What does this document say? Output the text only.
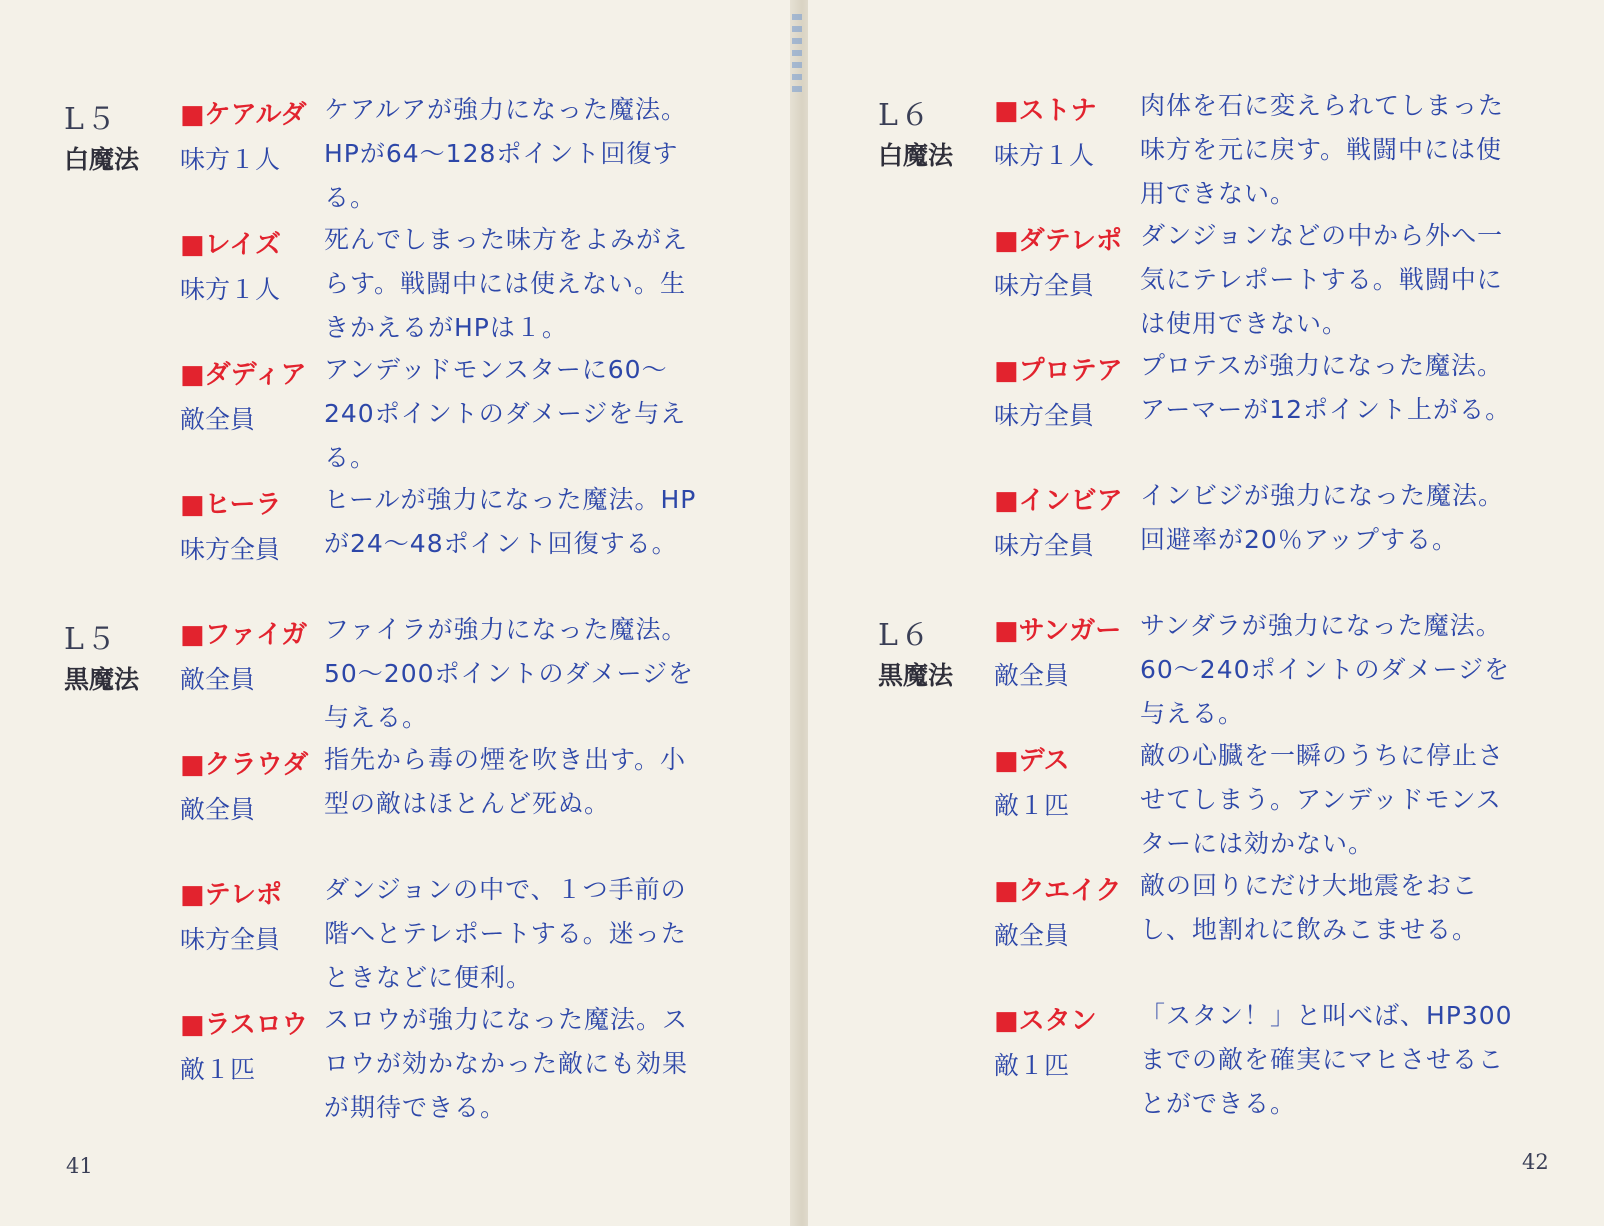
L５
白魔法
■ケアルダ
味方１人
ケアルアが強力になった魔法。HPが64〜128ポイント回復する。
■レイズ
味方１人
死んでしまった味方をよみがえらす。戦闘中には使えない。生きかえるがHPは１。
■ダディア
敵全員
アンデッドモンスターに60〜240ポイントのダメージを与える。
■ヒーラ
味方全員
ヒールが強力になった魔法。HPが24〜48ポイント回復する。
L５
黒魔法
■ファイガ
敵全員
ファイラが強力になった魔法。50〜200ポイントのダメージを与える。
■クラウダ
敵全員
指先から毒の煙を吹き出す。小型の敵はほとんど死ぬ。
■テレポ
味方全員
ダンジョンの中で、１つ手前の階へとテレポートする。迷ったときなどに便利。
■ラスロウ
敵１匹
スロウが強力になった魔法。スロウが効かなかった敵にも効果が期待できる。
41
L６
白魔法
■ストナ
味方１人
肉体を石に変えられてしまった味方を元に戻す。戦闘中には使用できない。
■ダテレポ
味方全員
ダンジョンなどの中から外へ一気にテレポートする。戦闘中には使用できない。
■プロテア
味方全員
プロテスが強力になった魔法。アーマーが12ポイント上がる。
■インビア
味方全員
インビジが強力になった魔法。回避率が20％アップする。
L６
黒魔法
■サンガー
敵全員
サンダラが強力になった魔法。60〜240ポイントのダメージを与える。
■デス
敵１匹
敵の心臓を一瞬のうちに停止させてしまう。アンデッドモンスターには効かない。
■クエイク
敵全員
敵の回りにだけ大地震をおこし、地割れに飲みこませる。
■スタン
敵１匹
「スタン！」と叫べば、HP300までの敵を確実にマヒさせることができる。
42
